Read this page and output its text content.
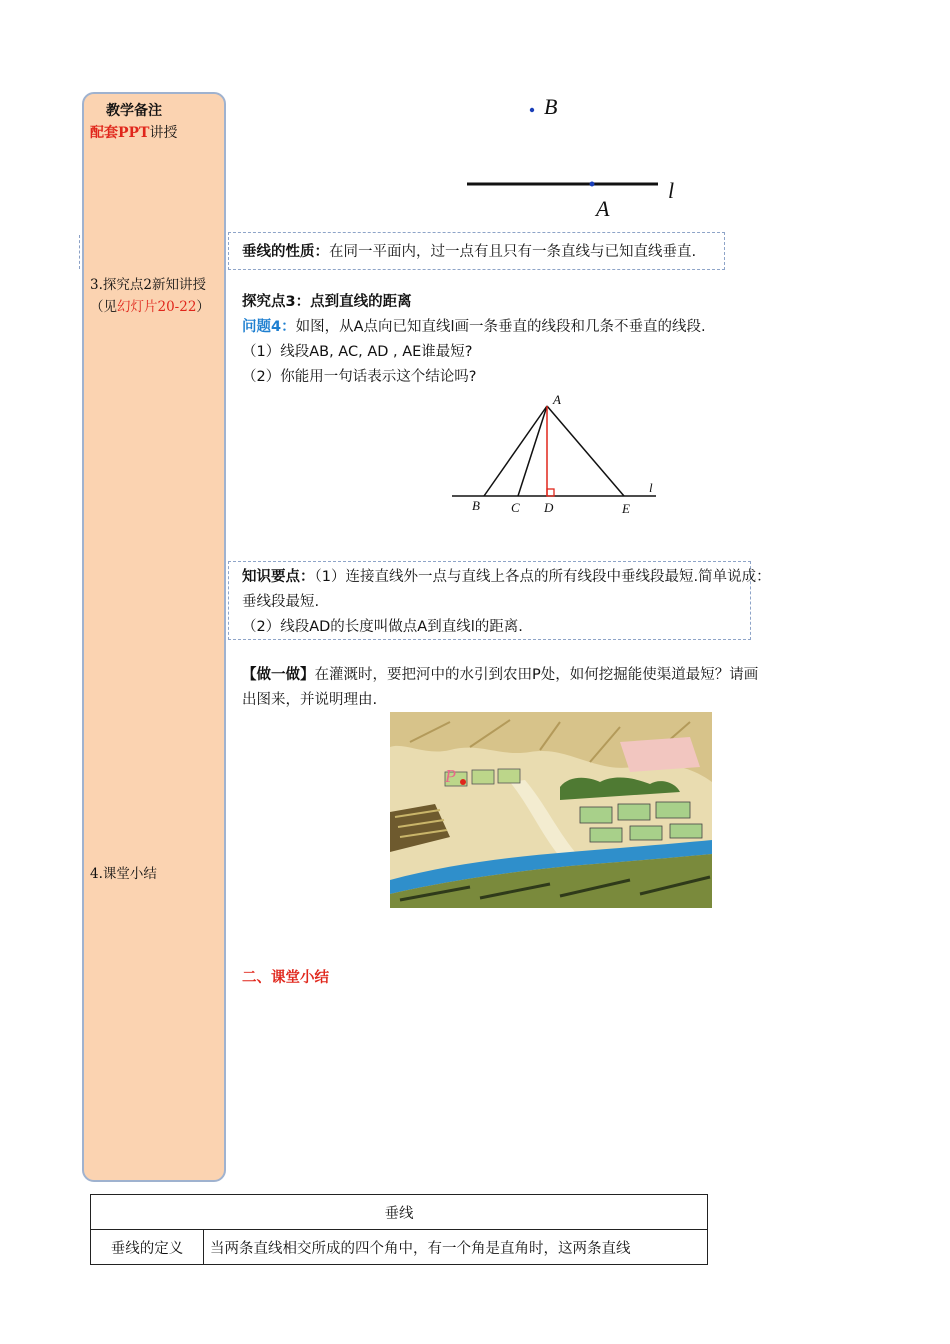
教学备注
配套PPT讲授
3.探究点2新知讲授
（见幻灯片20-22）
4.课堂小结
B
A
l
垂线的性质：在同一平面内，过一点有且只有一条直线与已知直线垂直.
探究点3：点到直线的距离
问题4：如图，从A点向已知直线l画一条垂直的线段和几条不垂直的线段.
（1）线段AB, AC, AD , AE谁最短?
（2）你能用一句话表示这个结论吗?
A
B C D	E
l
知识要点：（1）连接直线外一点与直线上各点的所有线段中垂线段最短.简单说成：
垂线段最短.
（2）线段AD的长度叫做点A到直线l的距离.
【做一做】在灌溉时，要把河中的水引到农田P处，如何挖掘能使渠道最短？请画
出图来，并说明理由.
P
二、课堂小结
垂线
垂线的定义	当两条直线相交所成的四个角中，有一个角是直角时，这两条直线
